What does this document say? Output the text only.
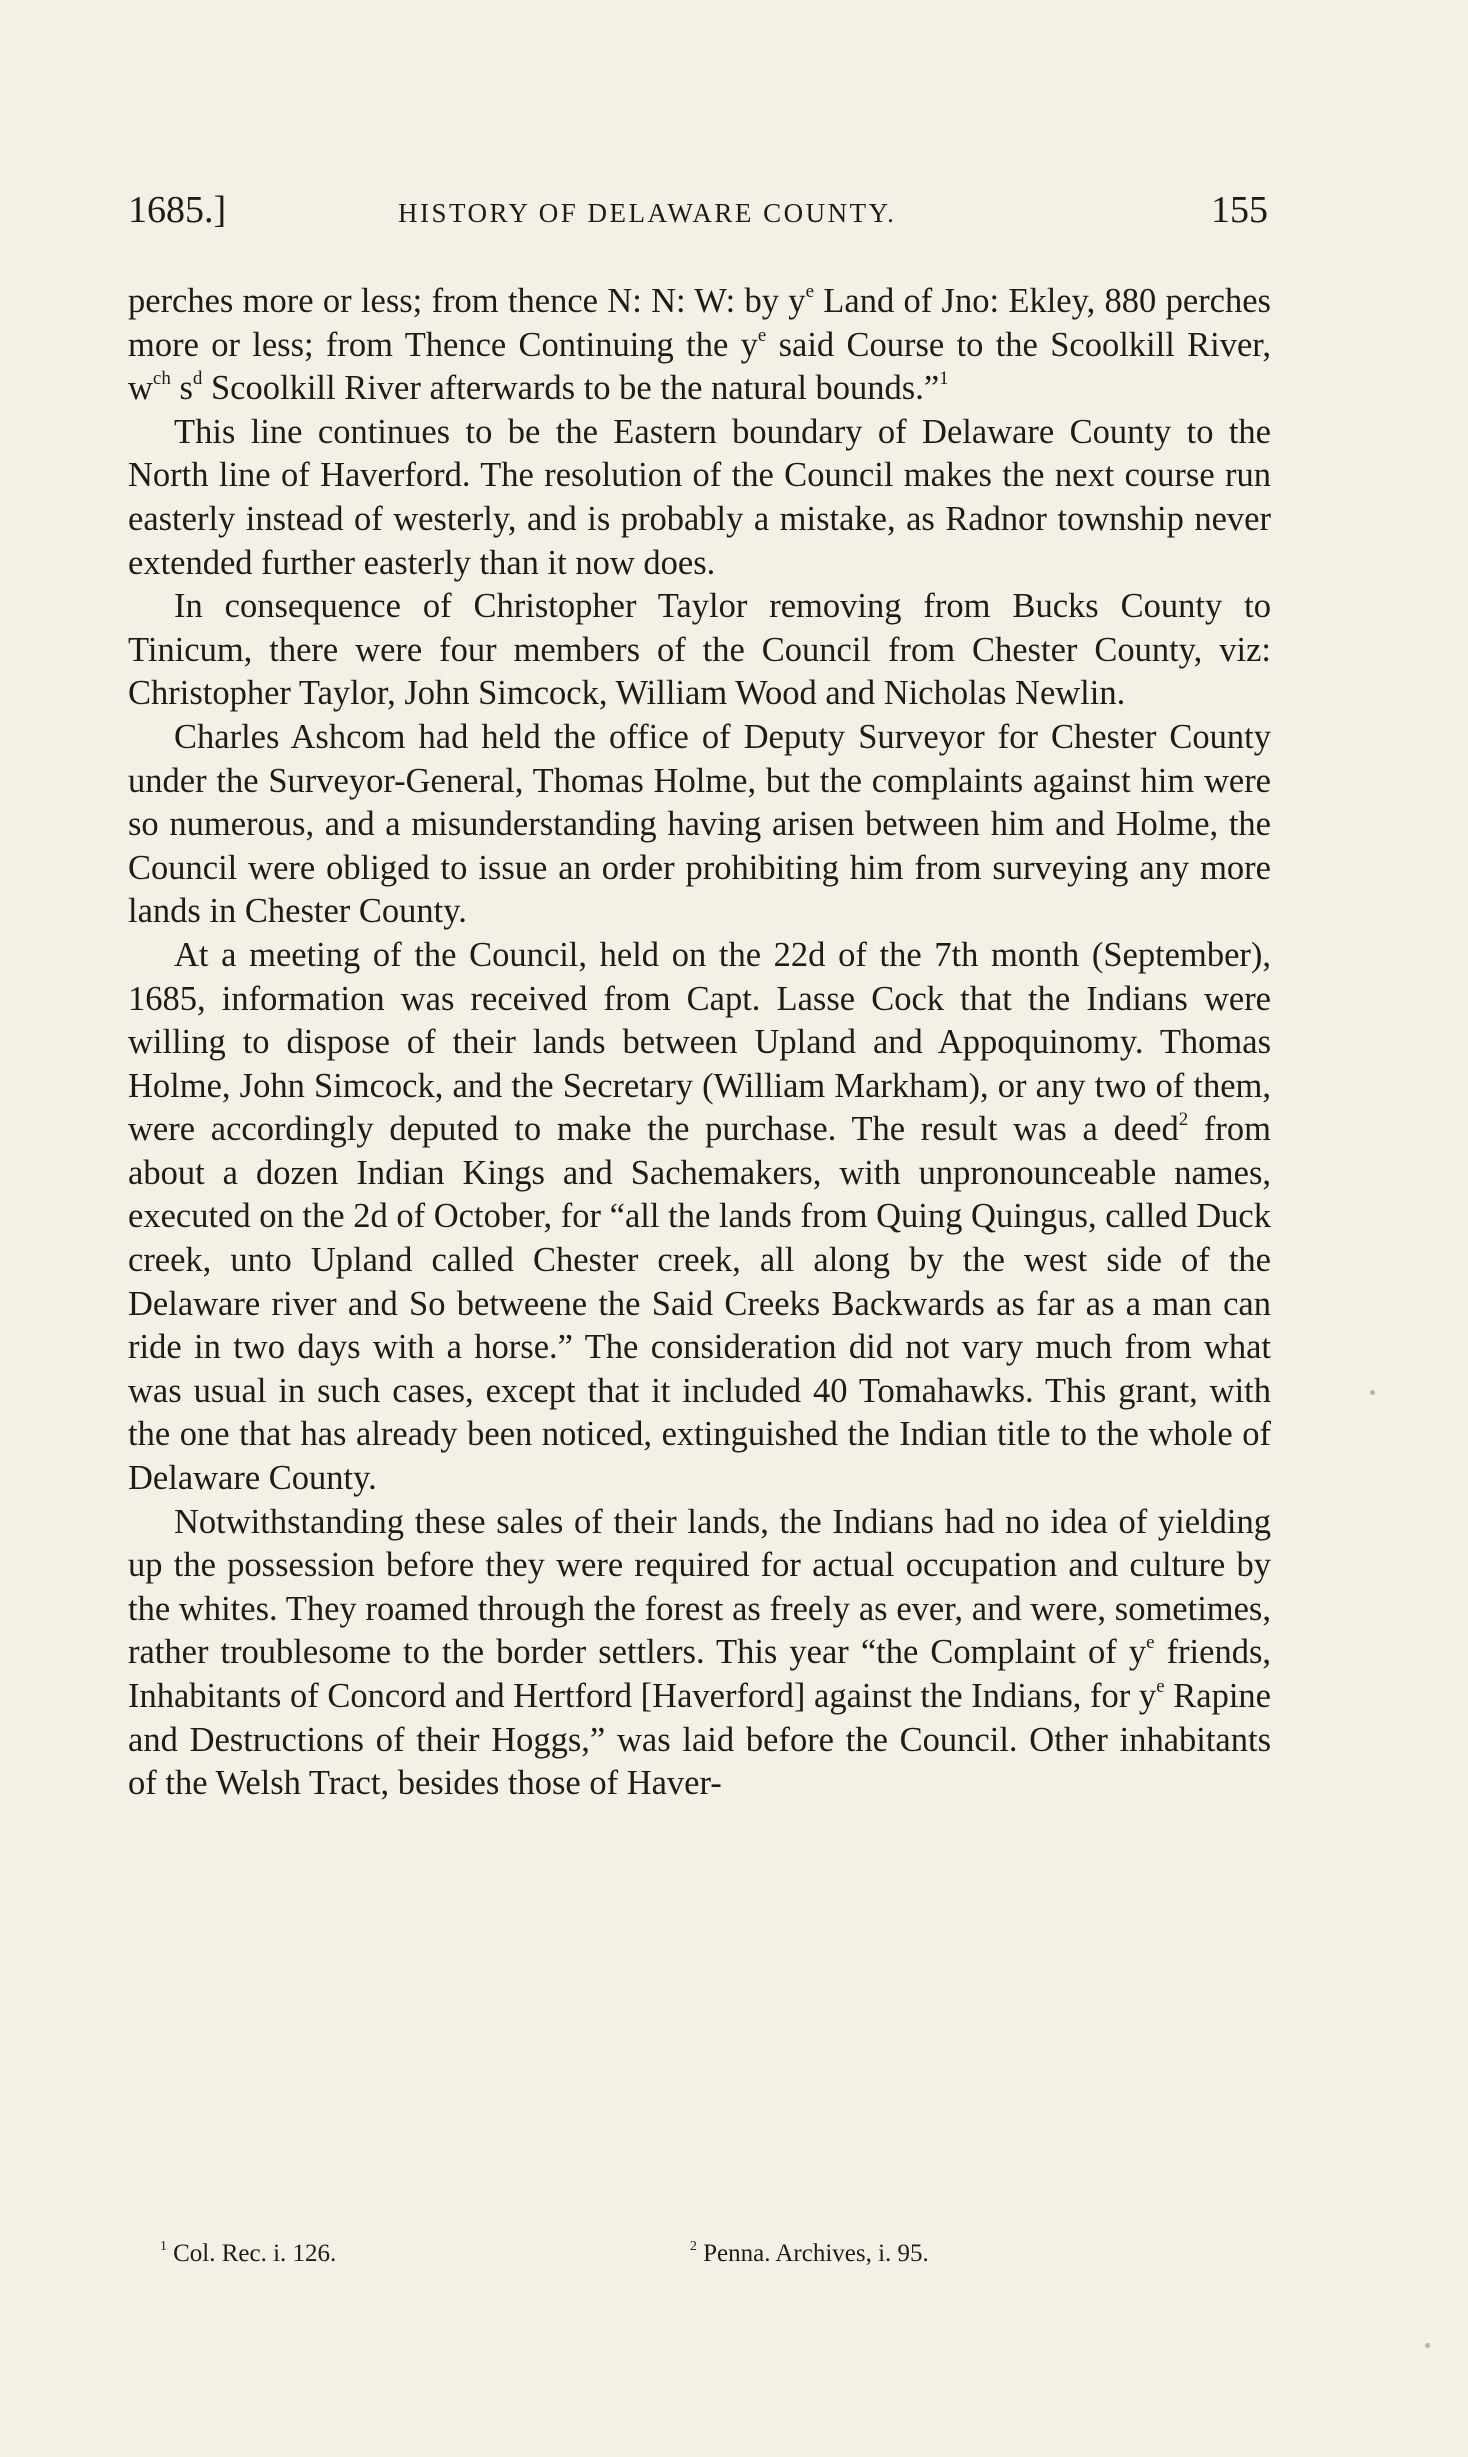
1685.]	HISTORY OF DELAWARE COUNTY.	155

perches more or less; from thence N: N: W: by $y^e$ Land of Jno: Ekley, 880 perches more or less; from Thence Continuing the $y^e$ said Course to the Scoolkill River, $w^{ch}$ $s^d$ Scoolkill River afterwards to be the natural bounds.”$^1$

This line continues to be the Eastern boundary of Delaware County to the North line of Haverford. The resolution of the Council makes the next course run easterly instead of westerly, and is probably a mistake, as Radnor township never extended further easterly than it now does.

In consequence of Christopher Taylor removing from Bucks County to Tinicum, there were four members of the Council from Chester County, viz: Christopher Taylor, John Simcock, William Wood and Nicholas Newlin.

Charles Ashcom had held the office of Deputy Surveyor for Chester County under the Surveyor-General, Thomas Holme, but the complaints against him were so numerous, and a misunderstanding having arisen between him and Holme, the Council were obliged to issue an order prohibiting him from surveying any more lands in Chester County.

At a meeting of the Council, held on the 22d of the 7th month (September), 1685, information was received from Capt. Lasse Cock that the Indians were willing to dispose of their lands between Upland and Appoquinomy. Thomas Holme, John Simcock, and the Secretary (William Markham), or any two of them, were accordingly deputed to make the purchase. The result was a deed$^2$ from about a dozen Indian Kings and Sachemakers, with unpronounceable names, executed on the 2d of October, for “all the lands from Quing Quingus, called Duck creek, unto Upland called Chester creek, all along by the west side of the Delaware river and So betweene the Said Creeks Backwards as far as a man can ride in two days with a horse.” The consideration did not vary much from what was usual in such cases, except that it included 40 Tomahawks. This grant, with the one that has already been noticed, extinguished the Indian title to the whole of Delaware County.

Notwithstanding these sales of their lands, the Indians had no idea of yielding up the possession before they were required for actual occupation and culture by the whites. They roamed through the forest as freely as ever, and were, sometimes, rather troublesome to the border settlers. This year “the Complaint of $y^e$ friends, Inhabitants of Concord and Hertford [Haverford] against the Indians, for $y^e$ Rapine and Destructions of their Hoggs,” was laid before the Council. Other inhabitants of the Welsh Tract, besides those of Haver-

$^1$ Col. Rec. i. 126.	$^2$ Penna. Archives, i. 95.
